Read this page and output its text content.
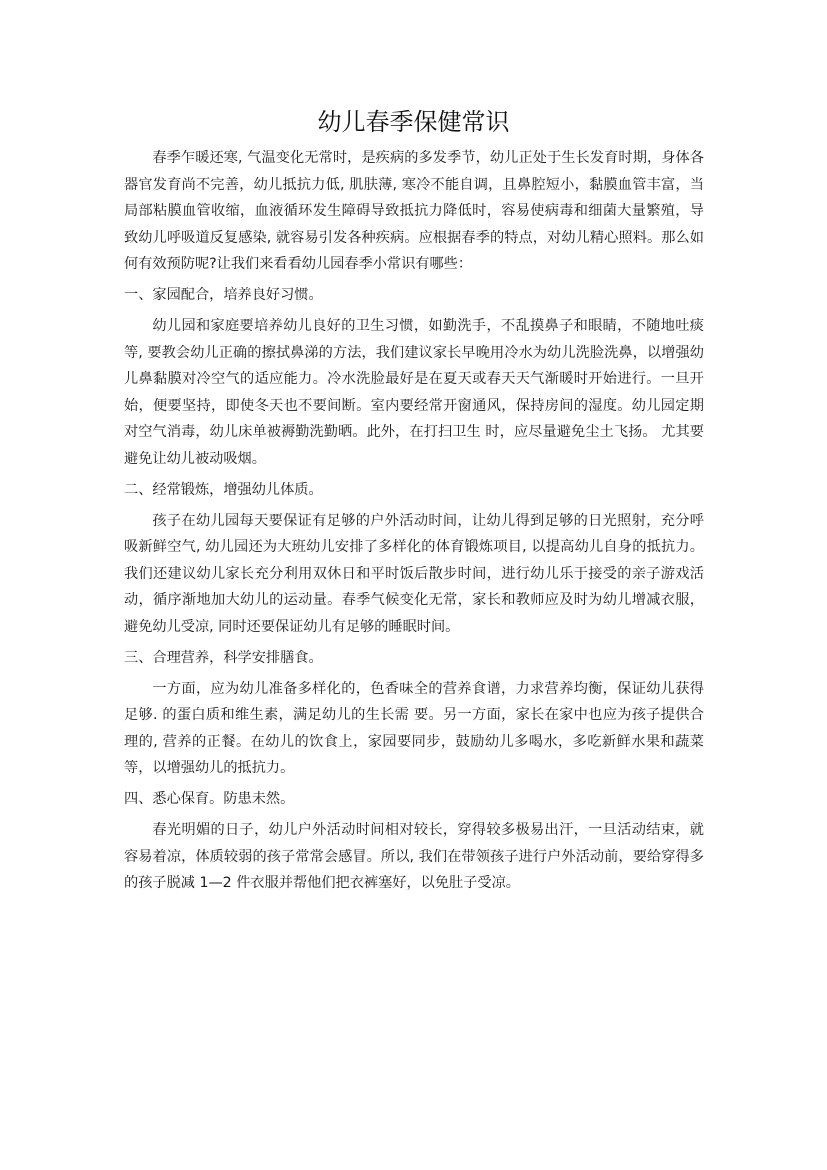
幼儿春季保健常识

春季乍暖还寒, 气温变化无常时，是疾病的多发季节，幼儿正处于生长发育时期，身体各器官发育尚不完善，幼儿抵抗力低, 肌肤薄, 寒冷不能自调，且鼻腔短小，黏膜血管丰富，当局部粘膜血管收缩，血液循环发生障碍导致抵抗力降低时，容易使病毒和细菌大量繁殖，导致幼儿呼吸道反复感染, 就容易引发各种疾病。应根据春季的特点，对幼儿精心照料。那么如何有效预防呢?让我们来看看幼儿园春季小常识有哪些：

一、家园配合，培养良好习惯。

幼儿园和家庭要培养幼儿良好的卫生习惯，如勤洗手，不乱摸鼻子和眼睛，不随地吐痰等, 要教会幼儿正确的擦拭鼻涕的方法，我们建议家长早晚用冷水为幼儿洗脸洗鼻，以增强幼儿鼻黏膜对冷空气的适应能力。冷水洗脸最好是在夏天或春天天气渐暖时开始进行。一旦开始，便要坚持，即使冬天也不要间断。室内要经常开窗通风，保持房间的湿度。幼儿园定期对空气消毒，幼儿床单被褥勤洗勤晒。此外，在打扫卫生 时，应尽量避免尘土飞扬。 尤其要避免让幼儿被动吸烟。

二、经常锻炼，增强幼儿体质。

孩子在幼儿园每天要保证有足够的户外活动时间，让幼儿得到足够的日光照射，充分呼吸新鲜空气, 幼儿园还为大班幼儿安排了多样化的体育锻炼项目, 以提高幼儿自身的抵抗力。我们还建议幼儿家长充分利用双休日和平时饭后散步时间，进行幼儿乐于接受的亲子游戏活动，循序渐地加大幼儿的运动量。春季气候变化无常，家长和教师应及时为幼儿增减衣服，避免幼儿受凉, 同时还要保证幼儿有足够的睡眠时间。

三、合理营养，科学安排膳食。

一方面，应为幼儿准备多样化的，色香味全的营养食谱，力求营养均衡，保证幼儿获得足够. 的蛋白质和维生素，满足幼儿的生长需 要。另一方面，家长在家中也应为孩子提供合理的, 营养的正餐。在幼儿的饮食上，家园要同步，鼓励幼儿多喝水，多吃新鲜水果和蔬菜等，以增强幼儿的抵抗力。

四、悉心保育。防患未然。

春光明媚的日子，幼儿户外活动时间相对较长，穿得较多极易出汗，一旦活动结束，就容易着凉，体质较弱的孩子常常会感冒。所以, 我们在带领孩子进行户外活动前，要给穿得多的孩子脱减 1—2 件衣服并帮他们把衣裤塞好，以免肚子受凉。
